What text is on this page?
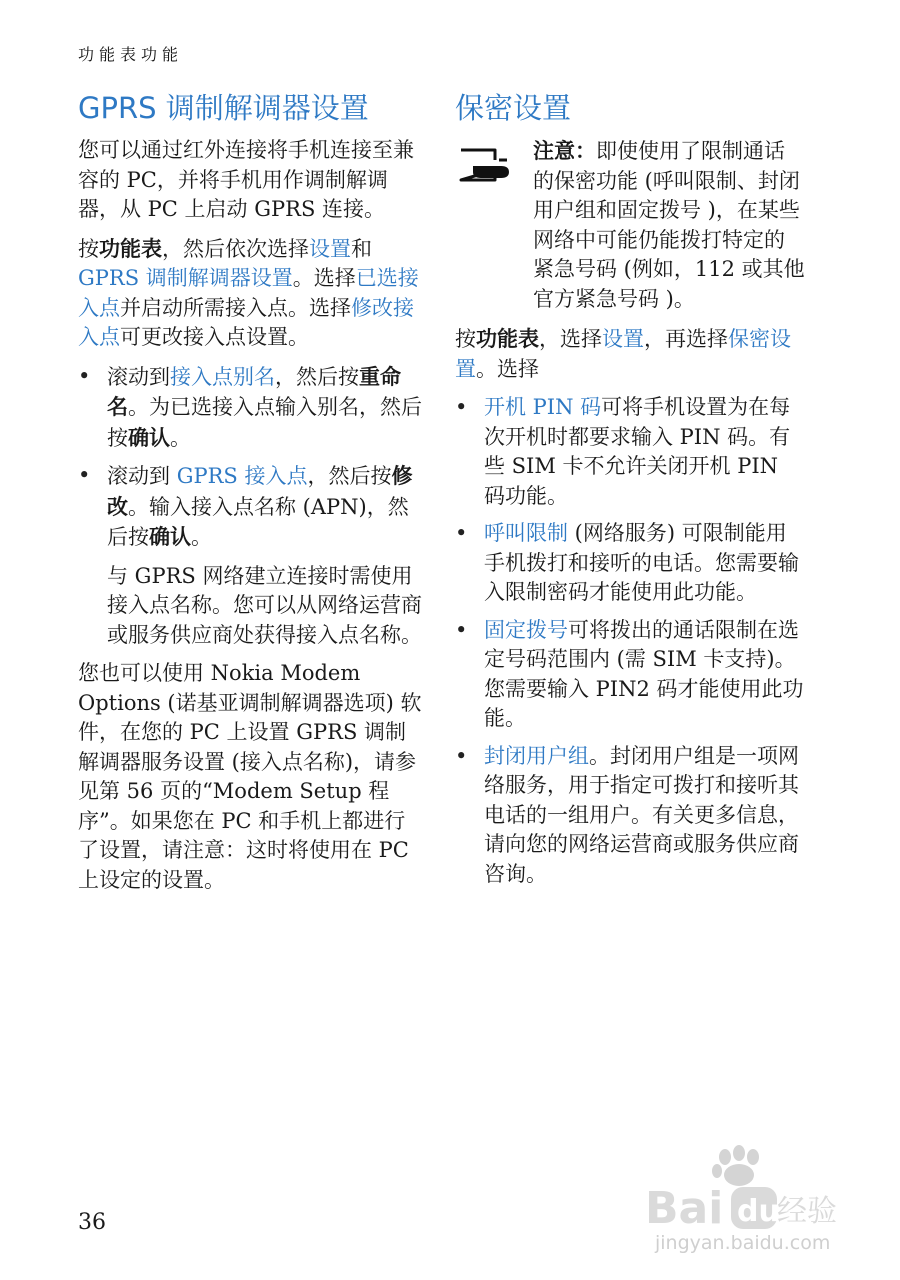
功能表功能
GPRS 调制解调器设置

您可以通过红外连接将手机连接至兼容的 PC，并将手机用作调制解调器，从 PC 上启动 GPRS 连接。

按功能表，然后依次选择设置和GPRS 调制解调器设置。选择已选接入点并启动所需接入点。选择修改接入点可更改接入点设置。

• 滚动到接入点别名，然后按重命名。为已选接入点输入别名，然后按确认。
• 滚动到 GPRS 接入点，然后按修改。输入接入点名称 (APN)，然后按确认。

与 GPRS 网络建立连接时需使用接入点名称。您可以从网络运营商或服务供应商处获得接入点名称。

您也可以使用 Nokia Modem Options (诺基亚调制解调器选项) 软件，在您的 PC 上设置 GPRS 调制解调器服务设置 (接入点名称)，请参见第 56 页的“Modem Setup 程序”。如果您在 PC 和手机上都进行了设置，请注意：这时将使用在 PC 上设定的设置。

保密设置

注意：即使使用了限制通话的保密功能 (呼叫限制、封闭用户组和固定拨号 )，在某些网络中可能仍能拨打特定的紧急号码 (例如，112 或其他官方紧急号码 )。

按功能表，选择设置，再选择保密设置。选择

• 开机 PIN 码可将手机设置为在每次开机时都要求输入 PIN 码。有些 SIM 卡不允许关闭开机 PIN 码功能。
• 呼叫限制 (网络服务) 可限制能用手机拨打和接听的电话。您需要输入限制密码才能使用此功能。
• 固定拨号可将拨出的通话限制在选定号码范围内 (需 SIM 卡支持)。您需要输入 PIN2 码才能使用此功能。
• 封闭用户组。封闭用户组是一项网络服务，用于指定可拨打和接听其电话的一组用户。有关更多信息，请向您的网络运营商或服务供应商咨询。
36	Bai du
经验
jingyan.baidu.com
